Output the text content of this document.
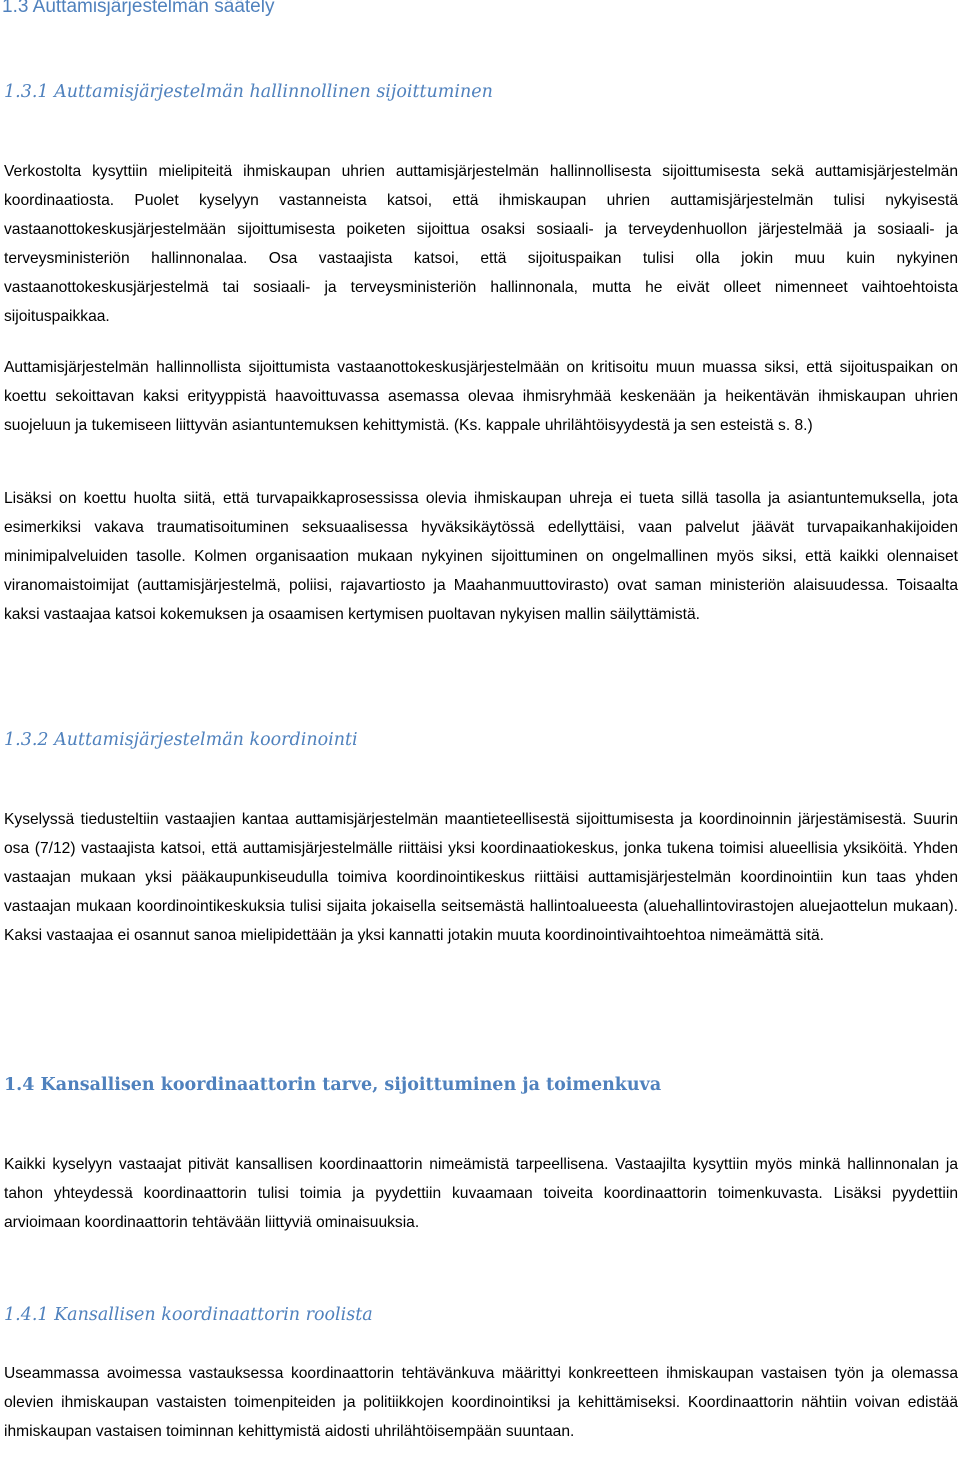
1.3 Auttamisjärjestelmän säätely
1.3.1 Auttamisjärjestelmän hallinnollinen sijoittuminen

Verkostolta kysyttiin mielipiteitä ihmiskaupan uhrien auttamisjärjestelmän hallinnollisesta sijoittumisesta sekä auttamisjärjestelmän koordinaatiosta. Puolet kyselyyn vastanneista katsoi, että ihmiskaupan uhrien auttamisjärjestelmän tulisi nykyisestä vastaanottokeskusjärjestelmään sijoittumisesta poiketen sijoittua osaksi sosiaali- ja terveydenhuollon järjestelmää ja sosiaali- ja terveysministeriön hallinnonalaa. Osa vastaajista katsoi, että sijoituspaikan tulisi olla jokin muu kuin nykyinen vastaanottokeskusjärjestelmä tai sosiaali- ja terveysministeriön hallinnonala, mutta he eivät olleet nimenneet vaihtoehtoista sijoituspaikkaa.

Auttamisjärjestelmän hallinnollista sijoittumista vastaanottokeskusjärjestelmään on kritisoitu muun muassa siksi, että sijoituspaikan on koettu sekoittavan kaksi erityyppistä haavoittuvassa asemassa olevaa ihmisryhmää keskenään ja heikentävän ihmiskaupan uhrien suojeluun ja tukemiseen liittyvän asiantuntemuksen kehittymistä. (Ks. kappale uhrilähtöisyydestä ja sen esteistä s. 8.)

Lisäksi on koettu huolta siitä, että turvapaikkaprosessissa olevia ihmiskaupan uhreja ei tueta sillä tasolla ja asiantuntemuksella, jota esimerkiksi vakava traumatisoituminen seksuaalisessa hyväksikäytössä edellyttäisi, vaan palvelut jäävät turvapaikanhakijoiden minimipalveluiden tasolle. Kolmen organisaation mukaan nykyinen sijoittuminen on ongelmallinen myös siksi, että kaikki olennaiset viranomaistoimijat (auttamisjärjestelmä, poliisi, rajavartiosto ja Maahanmuuttovirasto) ovat saman ministeriön alaisuudessa. Toisaalta kaksi vastaajaa katsoi kokemuksen ja osaamisen kertymisen puoltavan nykyisen mallin säilyttämistä.

1.3.2 Auttamisjärjestelmän koordinointi

Kyselyssä tiedusteltiin vastaajien kantaa auttamisjärjestelmän maantieteellisestä sijoittumisesta ja koordinoinnin järjestämisestä. Suurin osa (7/12) vastaajista katsoi, että auttamisjärjestelmälle riittäisi yksi koordinaatiokeskus, jonka tukena toimisi alueellisia yksiköitä. Yhden vastaajan mukaan yksi pääkaupunkiseudulla toimiva koordinointikeskus riittäisi auttamisjärjestelmän koordinointiin kun taas yhden vastaajan mukaan koordinointikeskuksia tulisi sijaita jokaisella seitsemästä hallintoalueesta (aluehallintovirastojen aluejaottelun mukaan). Kaksi vastaajaa ei osannut sanoa mielipidettään ja yksi kannatti jotakin muuta koordinointivaihtoehtoa nimeämättä sitä.

1.4 Kansallisen koordinaattorin tarve, sijoittuminen ja toimenkuva

Kaikki kyselyyn vastaajat pitivät kansallisen koordinaattorin nimeämistä tarpeellisena. Vastaajilta kysyttiin myös minkä hallinnonalan ja tahon yhteydessä koordinaattorin tulisi toimia ja pyydettiin kuvaamaan toiveita koordinaattorin toimenkuvasta. Lisäksi pyydettiin arvioimaan koordinaattorin tehtävään liittyviä ominaisuuksia.

1.4.1 Kansallisen koordinaattorin roolista

Useammassa avoimessa vastauksessa koordinaattorin tehtävänkuva määrittyi konkreetteen ihmiskaupan vastaisen työn ja olemassa olevien ihmiskaupan vastaisten toimenpiteiden ja politiikkojen koordinointiksi ja kehittämiseksi. Koordinaattorin nähtiin voivan edistää ihmiskaupan vastaisen toiminnan kehittymistä aidosti uhrilähtöisempään suuntaan.
